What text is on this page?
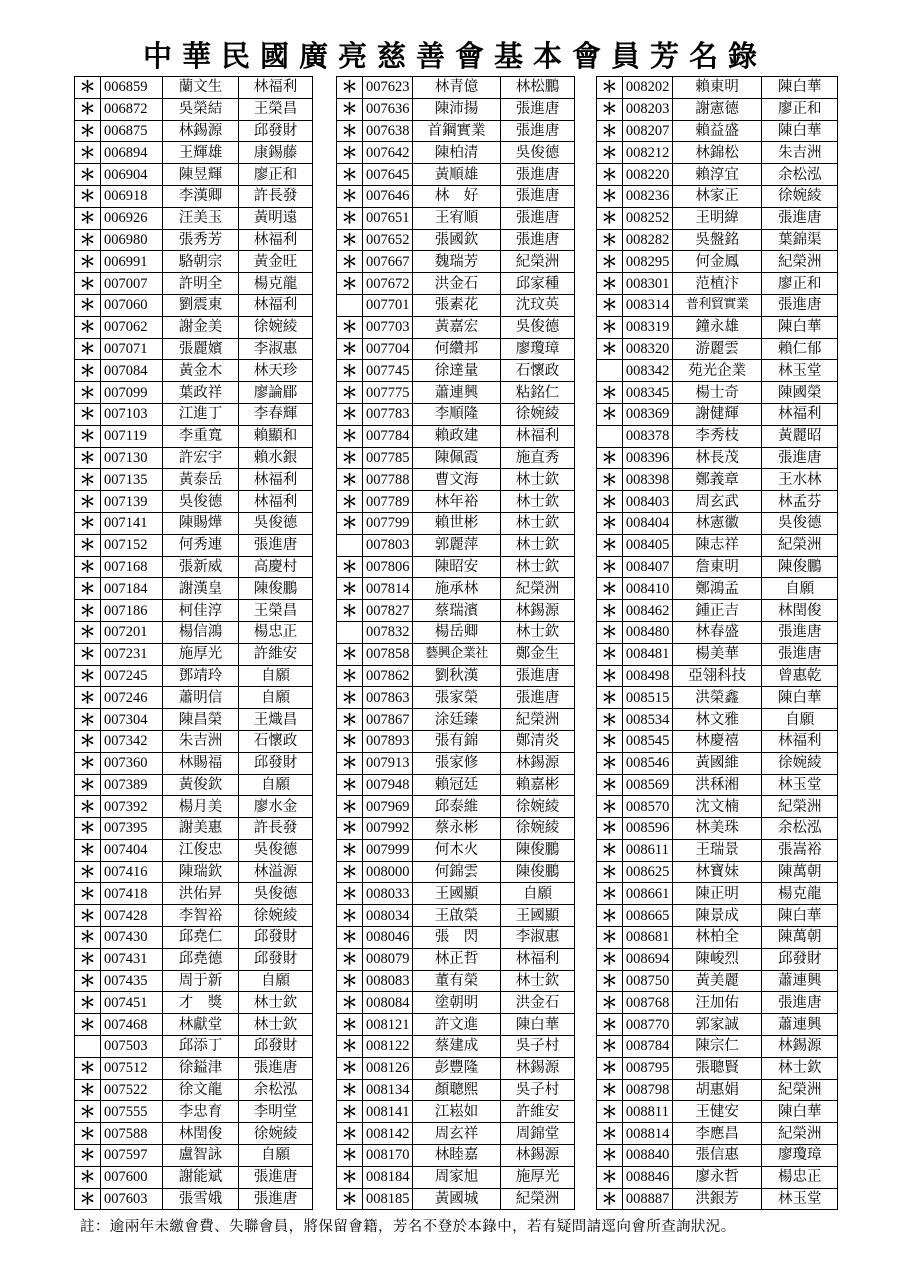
中華民國廣亮慈善會基本會員芳名錄
＊	006859	蘭文生	林福利
＊	006872	吳榮結	王榮昌
＊	006875	林錫源	邱發財
＊	006894	王輝雄	康錫藤
＊	006904	陳昱輝	廖正和
＊	006918	李漢卿	許長發
＊	006926	汪美玉	黃明遠
＊	006980	張秀芳	林福利
＊	006991	駱朝宗	黃金旺
＊	007007	許明全	楊克龍
＊	007060	劉震東	林福利
＊	007062	謝金美	徐婉綾
＊	007071	張麗嬪	李淑惠
＊	007084	黃金木	林天珍
＊	007099	葉政祥	廖論郿
＊	007103	江進丁	李春輝
＊	007119	李重寬	賴顯和
＊	007130	許宏宇	賴水銀
＊	007135	黃泰岳	林福利
＊	007139	吳俊德	林福利
＊	007141	陳賜燁	吳俊德
＊	007152	何秀連	張進唐
＊	007168	張新威	高慶村
＊	007184	謝漢皇	陳俊鵬
＊	007186	柯佳淳	王榮昌
＊	007201	楊信鴻	楊忠正
＊	007231	施厚光	許維安
＊	007245	鄧靖玲	自願
＊	007246	蕭明信	自願
＊	007304	陳昌榮	王熾昌
＊	007342	朱吉洲	石懷政
＊	007360	林賜福	邱發財
＊	007389	黃俊欽	自願
＊	007392	楊月美	廖水金
＊	007395	謝美惠	許長發
＊	007404	江俊忠	吳俊德
＊	007416	陳瑞欽	林溢源
＊	007418	洪佑昇	吳俊德
＊	007428	李智裕	徐婉綾
＊	007430	邱堯仁	邱發財
＊	007431	邱堯德	邱發財
＊	007435	周于新	自願
＊	007451	才　獎	林士欽
＊	007468	林獻堂	林士欽
	007503	邱添丁	邱發財
＊	007512	徐鎰津	張進唐
＊	007522	徐文龍	余松泓
＊	007555	李忠育	李明堂
＊	007588	林閏俊	徐婉綾
＊	007597	盧智詠	自願
＊	007600	謝能斌	張進唐
＊	007603	張雪娥	張進唐
＊	007623	林青億	林松鵬
＊	007636	陳沛揚	張進唐
＊	007638	首鋼實業	張進唐
＊	007642	陳柏清	吳俊德
＊	007645	黃順雄	張進唐
＊	007646	林　好	張進唐
＊	007651	王宥順	張進唐
＊	007652	張國欽	張進唐
＊	007667	魏瑞芳	紀榮洲
＊	007672	洪金石	邱家種
	007701	張素花	沈玟英
＊	007703	黃嘉宏	吳俊德
＊	007704	何纘邦	廖瓊璋
＊	007745	徐達量	石懷政
＊	007775	蕭連興	粘銘仁
＊	007783	李順隆	徐婉綾
＊	007784	賴政建	林福利
＊	007785	陳佩霞	施直秀
＊	007788	曹文海	林士欽
＊	007789	林年裕	林士欽
＊	007799	賴世彬	林士欽
	007803	郭麗萍	林士欽
＊	007806	陳昭安	林士欽
＊	007814	施承林	紀榮洲
＊	007827	蔡瑞濱	林錫源
	007832	楊岳卿	林士欽
＊	007858	藝興企業社	鄭金生
＊	007862	劉秋漢	張進唐
＊	007863	張家榮	張進唐
＊	007867	涂廷臻	紀榮洲
＊	007893	張有錦	鄭清炎
＊	007913	張家修	林錫源
＊	007948	賴冠廷	賴嘉彬
＊	007969	邱泰維	徐婉綾
＊	007992	蔡永彬	徐婉綾
＊	007999	何木火	陳俊鵬
＊	008000	何錦雲	陳俊鵬
＊	008033	王國顯	自願
＊	008034	王啟榮	王國顯
＊	008046	張　閃	李淑惠
＊	008079	林正哲	林福利
＊	008083	董有榮	林士欽
＊	008084	塗朝明	洪金石
＊	008121	許文進	陳白華
＊	008122	蔡建成	吳子村
＊	008126	彭豐隆	林錫源
＊	008134	顏聰熙	吳子村
＊	008141	江崧如	許維安
＊	008142	周玄祥	周錦堂
＊	008170	林睦嘉	林錫源
＊	008184	周家旭	施厚光
＊	008185	黃國城	紀榮洲
＊	008202	賴東明	陳白華
＊	008203	謝憲德	廖正和
＊	008207	賴益盛	陳白華
＊	008212	林錦松	朱吉洲
＊	008220	賴淳宜	余松泓
＊	008236	林家正	徐婉綾
＊	008252	王明緯	張進唐
＊	008282	吳盤銘	葉錦渠
＊	008295	何金鳳	紀榮洲
＊	008301	范植汴	廖正和
＊	008314	普利貿實業	張進唐
＊	008319	鐘永雄	陳白華
＊	008320	游麗雲	賴仁郁
	008342	苑光企業	林玉堂
＊	008345	楊士奇	陳國榮
＊	008369	謝健輝	林福利
	008378	李秀枝	黃麗昭
＊	008396	林長茂	張進唐
＊	008398	鄭義章	王水林
＊	008403	周玄武	林孟芬
＊	008404	林憲徽	吳俊德
＊	008405	陳志祥	紀榮洲
＊	008407	詹東明	陳俊鵬
＊	008410	鄭鴻孟	自願
＊	008462	鍾正吉	林閏俊
＊	008480	林春盛	張進唐
＊	008481	楊美華	張進唐
＊	008498	亞翎科技	曾惠乾
＊	008515	洪榮鑫	陳白華
＊	008534	林文雅	自願
＊	008545	林慶禧	林福利
＊	008546	黃國維	徐婉綾
＊	008569	洪秝湘	林玉堂
＊	008570	沈文楠	紀榮洲
＊	008596	林美珠	余松泓
＊	008611	王瑞景	張嵩裕
＊	008625	林寶妹	陳萬朝
＊	008661	陳正明	楊克龍
＊	008665	陳景成	陳白華
＊	008681	林柏全	陳萬朝
＊	008694	陳峻烈	邱發財
＊	008750	黃美麗	蕭連興
＊	008768	汪加佑	張進唐
＊	008770	郭家誠	蕭連興
＊	008784	陳宗仁	林錫源
＊	008795	張聰賢	林士欽
＊	008798	胡惠娟	紀榮洲
＊	008811	王健安	陳白華
＊	008814	李應昌	紀榮洲
＊	008840	張信惠	廖瓊璋
＊	008846	廖永哲	楊忠正
＊	008887	洪銀芳	林玉堂

註：逾兩年未繳會費、失聯會員，將保留會籍，芳名不登於本錄中，若有疑問請逕向會所查詢狀況。
